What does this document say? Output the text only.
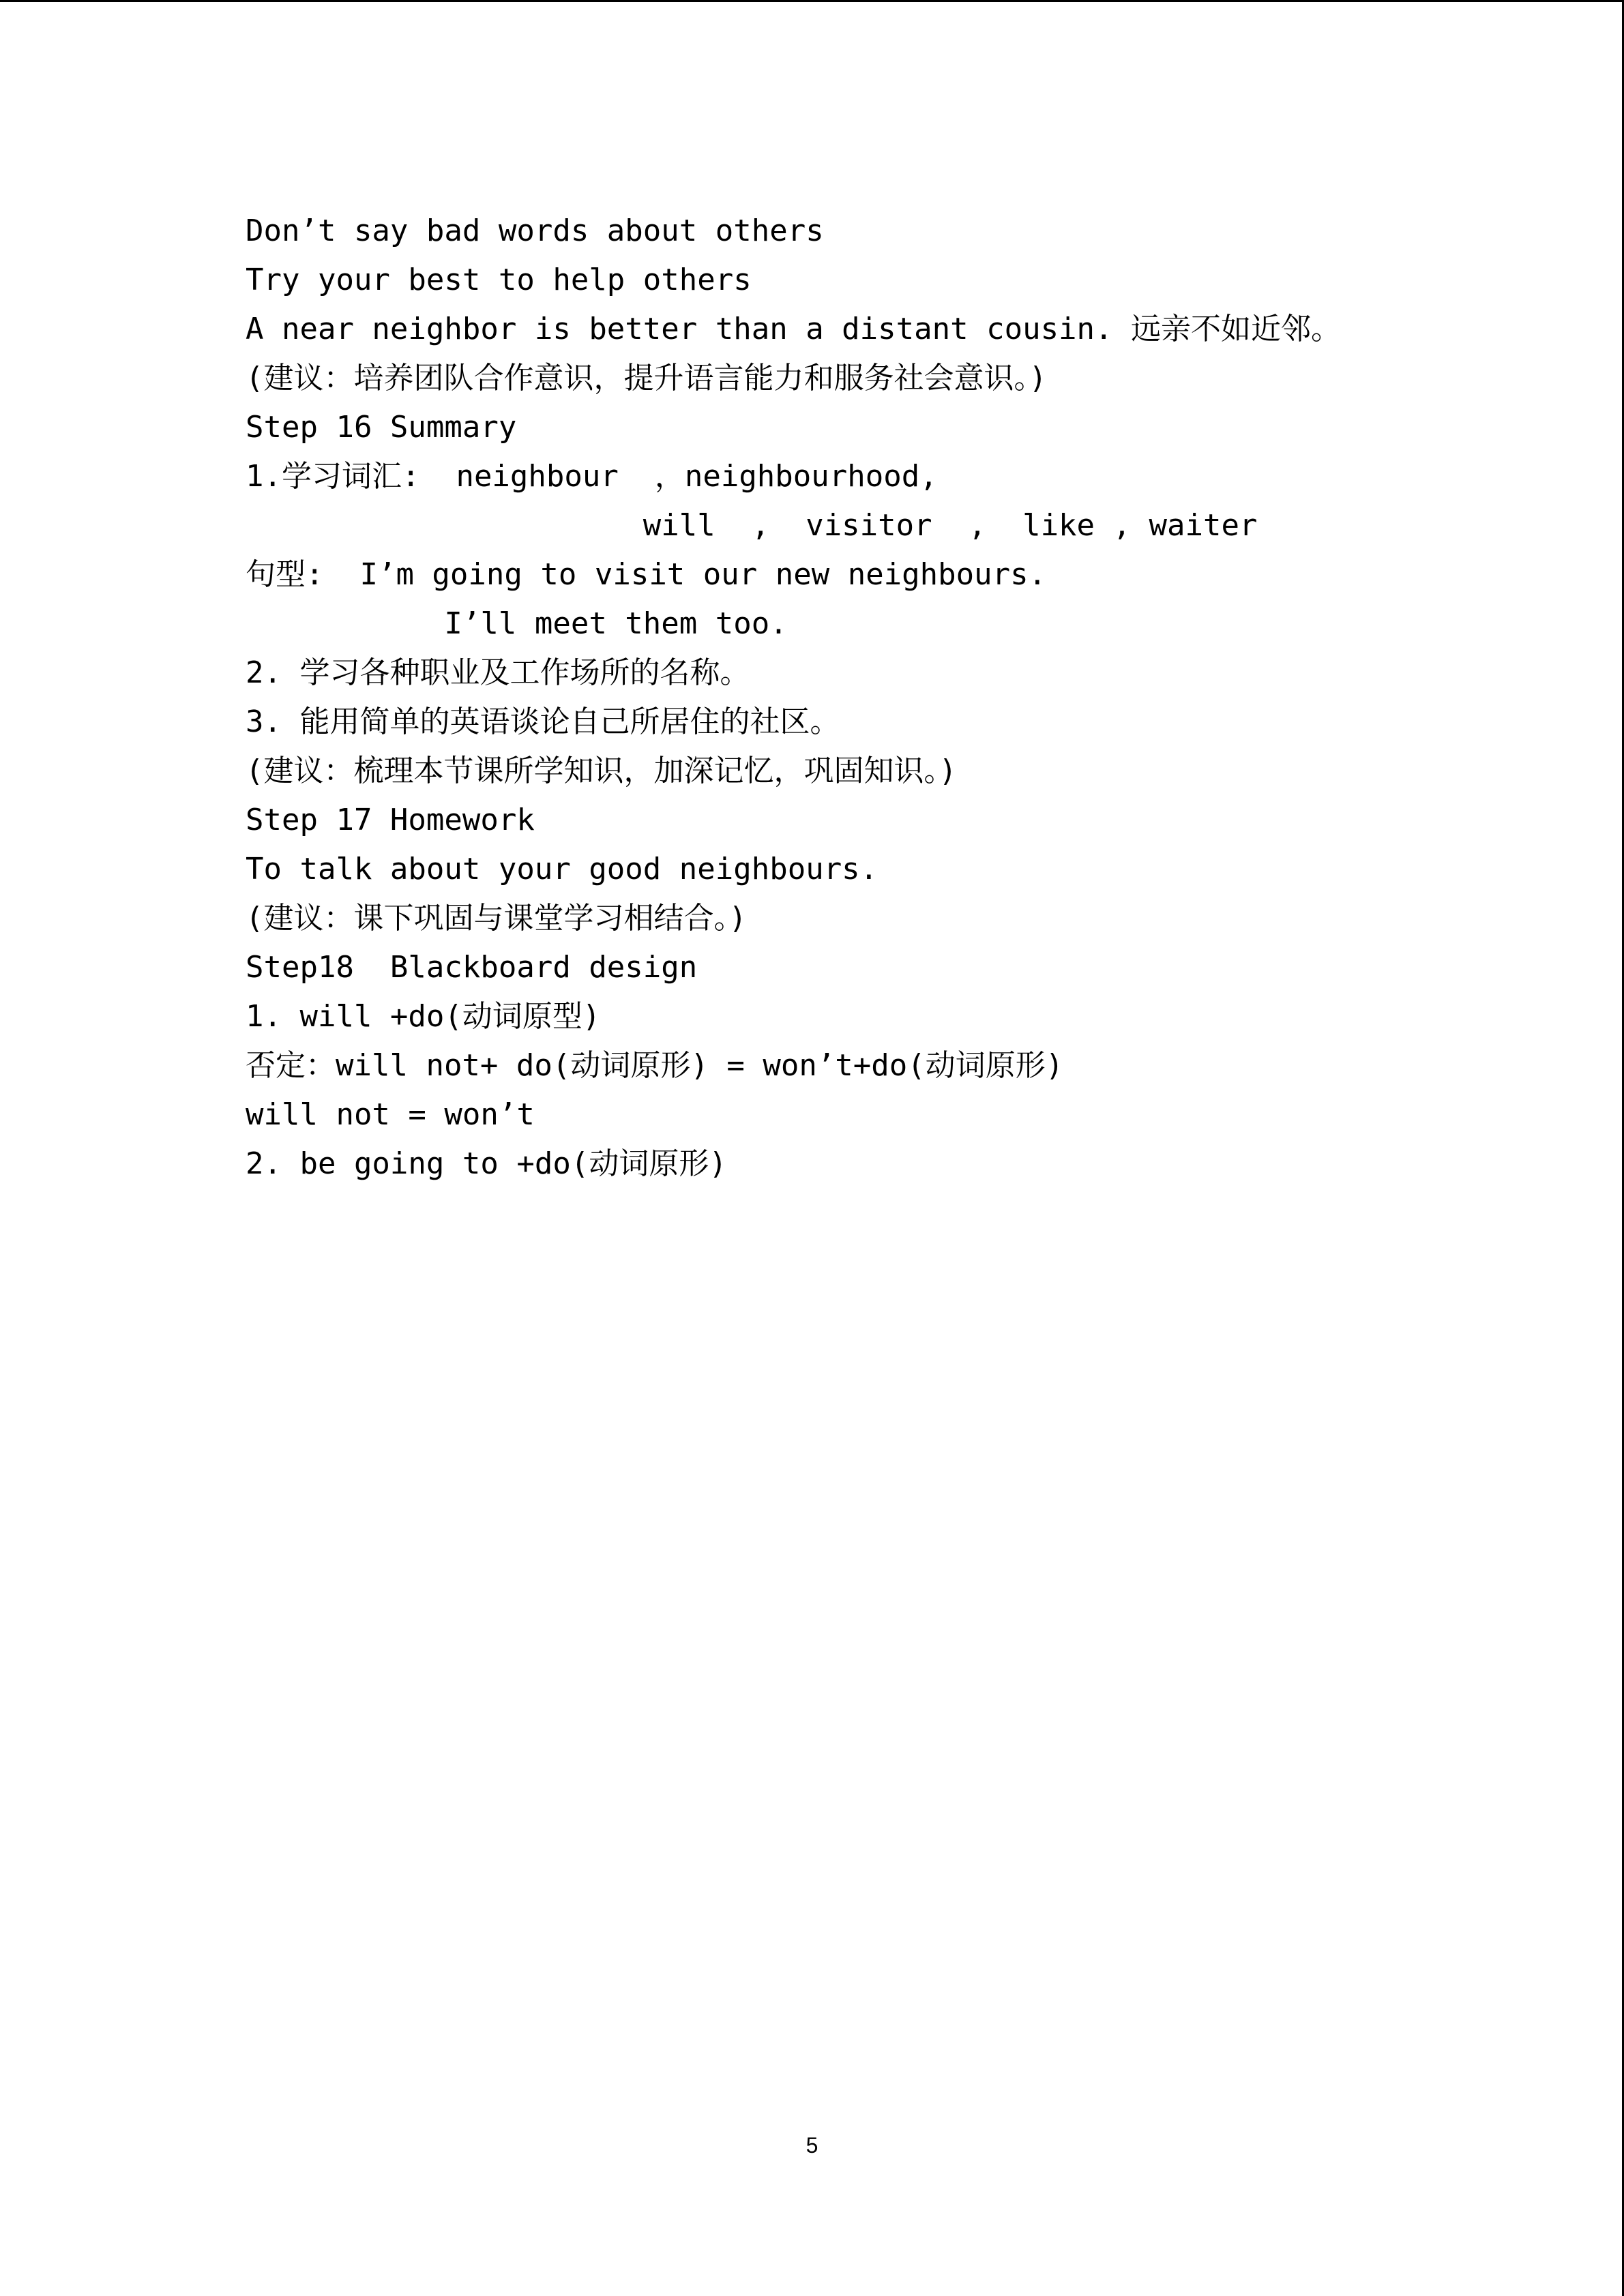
Don’t say bad words about others
Try your best to help others
A near neighbor is better than a distant cousin. 远亲不如近邻。
(建议：培养团队合作意识，提升语言能力和服务社会意识。)
Step 16 Summary
1.学习词汇:  neighbour  ，neighbourhood,
will  ,  visitor  ,  like , waiter
句型:  I’m going to visit our new neighbours.
I’ll meet them too.
2. 学习各种职业及工作场所的名称。
3. 能用简单的英语谈论自己所居住的社区。
(建议：梳理本节课所学知识，加深记忆，巩固知识。)
Step 17 Homework
To talk about your good neighbours.
(建议：课下巩固与课堂学习相结合。)
Step18  Blackboard design
1. will +do(动词原型)
否定：will not+ do(动词原形) = won’t+do(动词原形)
will not = won’t
2. be going to +do(动词原形)
5
